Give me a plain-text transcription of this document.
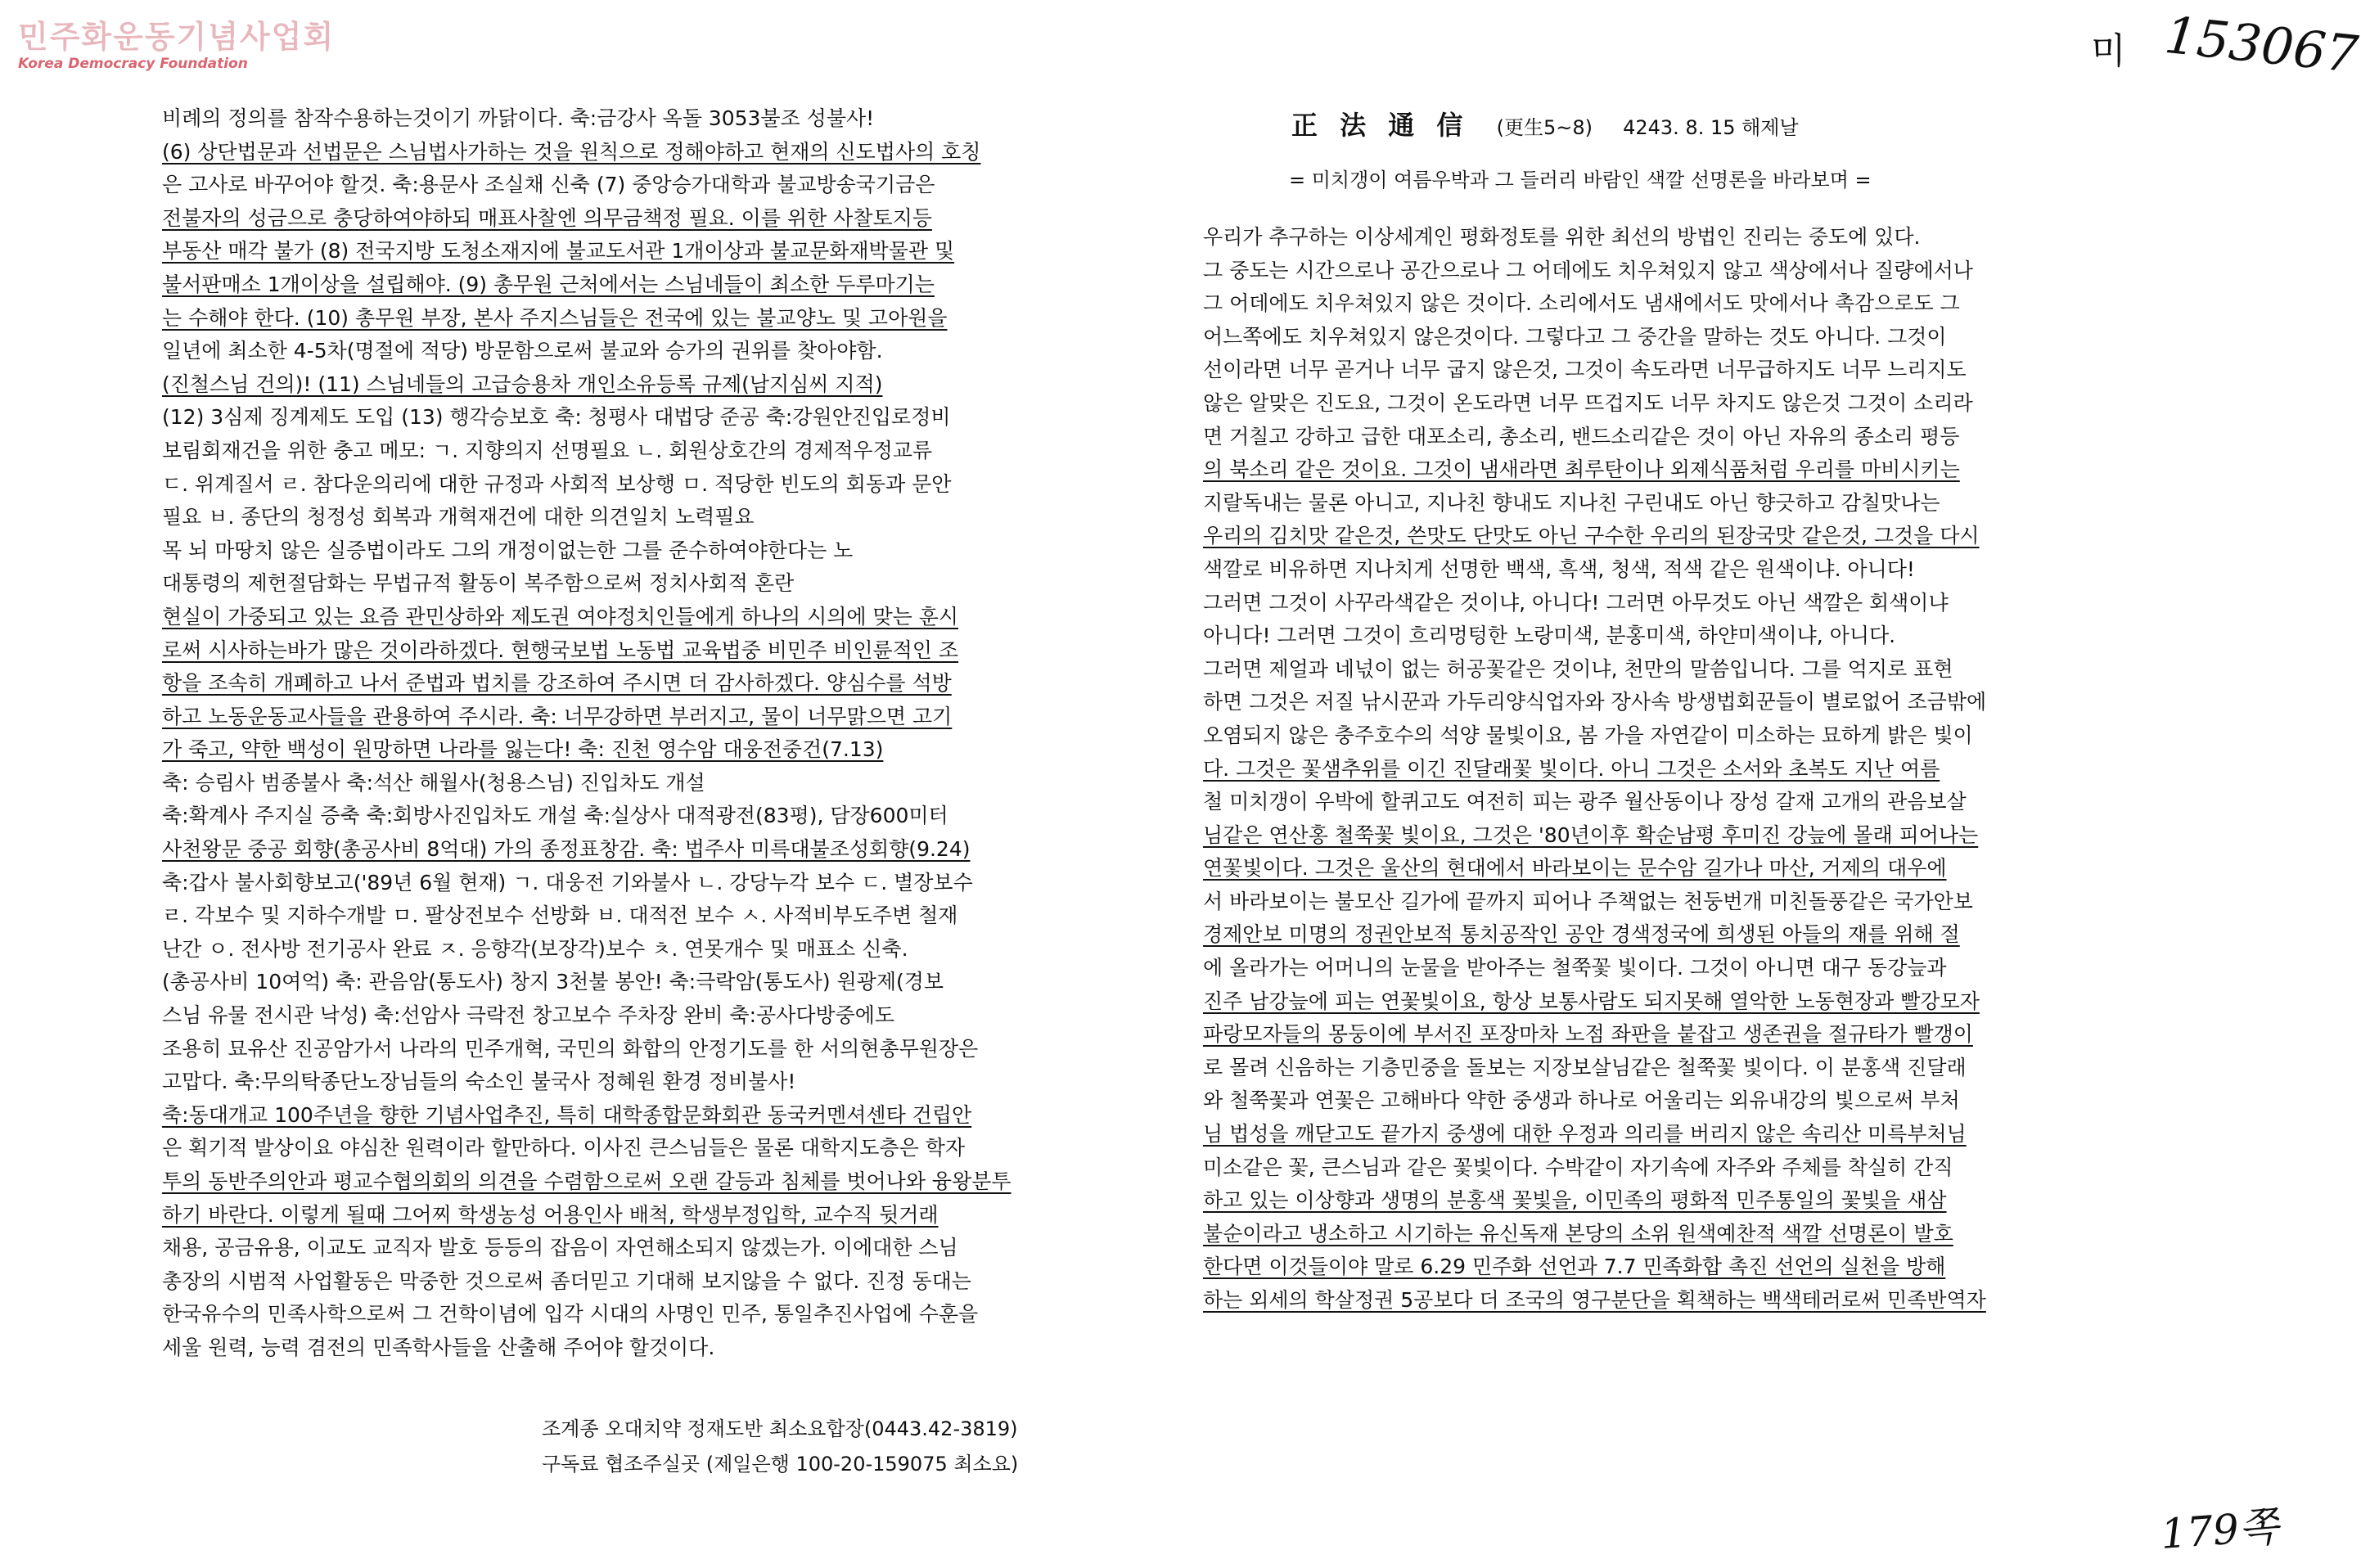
민주화운동기념사업회
Korea Democracy Foundation	미 153067
비례의 정의를 참작수용하는것이기 까닭이다. 축:금강사 옥돌 3053불조 성불사!
(6) 상단법문과 선법문은 스님법사가하는 것을 원칙으로 정해야하고 현재의 신도법사의 호칭
은 고사로 바꾸어야 할것. 축:용문사 조실채 신축 (7) 중앙승가대학과 불교방송국기금은
전불자의 성금으로 충당하여야하되 매표사찰엔 의무금책정 필요. 이를 위한 사찰토지등
부동산 매각 불가 (8) 전국지방 도청소재지에 불교도서관 1개이상과 불교문화재박물관 및
불서판매소 1개이상을 설립해야. (9) 총무원 근처에서는 스님네들이 최소한 두루마기는
는 수해야 한다. (10) 총무원 부장, 본사 주지스님들은 전국에 있는 불교양노 및 고아원을
일년에 최소한 4-5차(명절에 적당) 방문함으로써 불교와 승가의 권위를 찾아야함.
(진철스님 건의)! (11) 스님네들의 고급승용차 개인소유등록 규제(남지심씨 지적)
(12) 3심제 징계제도 도입 (13) 행각승보호 축: 청평사 대법당 준공 축:강원안진입로정비
보림회재건을 위한 충고 메모: ㄱ. 지향의지 선명필요 ㄴ. 회원상호간의 경제적우정교류
ㄷ. 위계질서 ㄹ. 참다운의리에 대한 규정과 사회적 보상행 ㅁ. 적당한 빈도의 회동과 문안
필요 ㅂ. 종단의 청정성 회복과 개혁재건에 대한 의견일치 노력필요
목 뇌 마땅치 않은 실증법이라도 그의 개정이없는한 그를 준수하여야한다는 노
대통령의 제헌절담화는 무법규적 활동이 복주함으로써 정치사회적 혼란
현실이 가중되고 있는 요즘 관민상하와 제도권 여야정치인들에게 하나의 시의에 맞는 훈시
로써 시사하는바가 많은 것이라하겠다. 현행국보법 노동법 교육법중 비민주 비인륜적인 조
항을 조속히 개폐하고 나서 준법과 법치를 강조하여 주시면 더 감사하겠다. 양심수를 석방
하고 노동운동교사들을 관용하여 주시라. 축: 너무강하면 부러지고, 물이 너무맑으면 고기
가 죽고, 약한 백성이 원망하면 나라를 잃는다! 축: 진천 영수암 대웅전중건(7.13)
축: 승림사 범종불사 축:석산 해월사(청용스님) 진입차도 개설
축:확계사 주지실 증축 축:회방사진입차도 개설 축:실상사 대적광전(83평), 담장600미터
사천왕문 중공 회향(총공사비 8억대) 가의 종정표창감. 축: 법주사 미륵대불조성회향(9.24)
축:갑사 불사회향보고('89년 6월 현재) ㄱ. 대웅전 기와불사 ㄴ. 강당누각 보수 ㄷ. 별장보수
ㄹ. 각보수 및 지하수개발 ㅁ. 팔상전보수 선방화 ㅂ. 대적전 보수 ㅅ. 사적비부도주변 철재
난간 ㅇ. 전사방 전기공사 완료 ㅈ. 응향각(보장각)보수 ㅊ. 연못개수 및 매표소 신축.
(총공사비 10여억) 축: 관음암(통도사) 창지 3천불 봉안! 축:극락암(통도사) 원광제(경보
스님 유물 전시관 낙성) 축:선암사 극락전 창고보수 주차장 완비 축:공사다방중에도
조용히 묘유산 진공암가서 나라의 민주개혁, 국민의 화합의 안정기도를 한 서의현총무원장은
고맙다. 축:무의탁종단노장님들의 숙소인 불국사 정혜원 환경 정비불사!
축:동대개교 100주년을 향한 기념사업추진, 특히 대학종합문화회관 동국커멘셔센타 건립안
은 획기적 발상이요 야심찬 원력이라 할만하다. 이사진 큰스님들은 물론 대학지도층은 학자
투의 동반주의안과 평교수협의회의 의견을 수렴함으로써 오랜 갈등과 침체를 벗어나와 융왕분투
하기 바란다. 이렇게 될때 그어찌 학생농성 어용인사 배척, 학생부정입학, 교수직 뒷거래
채용, 공금유용, 이교도 교직자 발호 등등의 잡음이 자연해소되지 않겠는가. 이에대한 스님
총장의 시범적 사업활동은 막중한 것으로써 좀더믿고 기대해 보지않을 수 없다. 진정 동대는
한국유수의 민족사학으로써 그 건학이념에 입각 시대의 사명인 민주, 통일추진사업에 수훈을
세울 원력, 능력 겸전의 민족학사들을 산출해 주어야 할것이다.
조계종 오대치약 정재도반 최소요합장(0443.42-3819)
구독료 협조주실곳 (제일은행 100-20-159075 최소요)
正 法 通 信 (更生5~8) 4243. 8. 15 해제날
= 미치갱이 여름우박과 그 들러리 바람인 색깔 선명론을 바라보며 =
우리가 추구하는 이상세계인 평화정토를 위한 최선의 방법인 진리는 중도에 있다.
그 중도는 시간으로나 공간으로나 그 어데에도 치우쳐있지 않고 색상에서나 질량에서나
그 어데에도 치우쳐있지 않은 것이다. 소리에서도 냄새에서도 맛에서나 촉감으로도 그
어느쪽에도 치우쳐있지 않은것이다. 그렇다고 그 중간을 말하는 것도 아니다. 그것이
선이라면 너무 곧거나 너무 굽지 않은것, 그것이 속도라면 너무급하지도 너무 느리지도
않은 알맞은 진도요, 그것이 온도라면 너무 뜨겁지도 너무 차지도 않은것 그것이 소리라
면 거칠고 강하고 급한 대포소리, 총소리, 밴드소리같은 것이 아닌 자유의 종소리 평등
의 북소리 같은 것이요. 그것이 냄새라면 최루탄이나 외제식품처럼 우리를 마비시키는
지랄독내는 물론 아니고, 지나친 향내도 지나친 구린내도 아닌 향긋하고 감칠맛나는
우리의 김치맛 같은것, 쓴맛도 단맛도 아닌 구수한 우리의 된장국맛 같은것, 그것을 다시
색깔로 비유하면 지나치게 선명한 백색, 흑색, 청색, 적색 같은 원색이냐. 아니다!
그러면 그것이 사꾸라색같은 것이냐, 아니다! 그러면 아무것도 아닌 색깔은 회색이냐
아니다! 그러면 그것이 흐리멍텅한 노랑미색, 분홍미색, 하얀미색이냐, 아니다.
그러면 제얼과 네넋이 없는 허공꽃같은 것이냐, 천만의 말씀입니다. 그를 억지로 표현
하면 그것은 저질 낚시꾼과 가두리양식업자와 장사속 방생법회꾼들이 별로없어 조금밖에
오염되지 않은 충주호수의 석양 물빛이요, 봄 가을 자연같이 미소하는 묘하게 밝은 빛이
다. 그것은 꽃샘추위를 이긴 진달래꽃 빛이다. 아니 그것은 소서와 초복도 지난 여름
철 미치갱이 우박에 할퀴고도 여전히 피는 광주 월산동이나 장성 갈재 고개의 관음보살
님같은 연산홍 철쭉꽃 빛이요, 그것은 '80년이후 확순남평 후미진 강늪에 몰래 피어나는
연꽃빛이다. 그것은 울산의 현대에서 바라보이는 문수암 길가나 마산, 거제의 대우에
서 바라보이는 불모산 길가에 끝까지 피어나 주책없는 천둥번개 미친돌풍같은 국가안보
경제안보 미명의 정권안보적 통치공작인 공안 경색정국에 희생된 아들의 재를 위해 절
에 올라가는 어머니의 눈물을 받아주는 철쭉꽃 빛이다. 그것이 아니면 대구 동강늪과
진주 남강늪에 피는 연꽃빛이요, 항상 보통사람도 되지못해 열악한 노동현장과 빨강모자
파랑모자들의 몽둥이에 부서진 포장마차 노점 좌판을 붙잡고 생존권을 절규타가 빨갱이
로 몰려 신음하는 기층민중을 돌보는 지장보살님같은 철쭉꽃 빛이다. 이 분홍색 진달래
와 철쭉꽃과 연꽃은 고해바다 약한 중생과 하나로 어울리는 외유내강의 빛으로써 부처
님 법성을 깨닫고도 끝가지 중생에 대한 우정과 의리를 버리지 않은 속리산 미륵부처님
미소같은 꽃, 큰스님과 같은 꽃빛이다. 수박같이 자기속에 자주와 주체를 착실히 간직
하고 있는 이상향과 생명의 분홍색 꽃빛을, 이민족의 평화적 민주통일의 꽃빛을 새삼
불순이라고 냉소하고 시기하는 유신독재 본당의 소위 원색예찬적 색깔 선명론이 발호
한다면 이것들이야 말로 6.29 민주화 선언과 7.7 민족화합 촉진 선언의 실천을 방해
하는 외세의 학살정권 5공보다 더 조국의 영구분단을 획책하는 백색테러로써 민족반역자
179쪽
